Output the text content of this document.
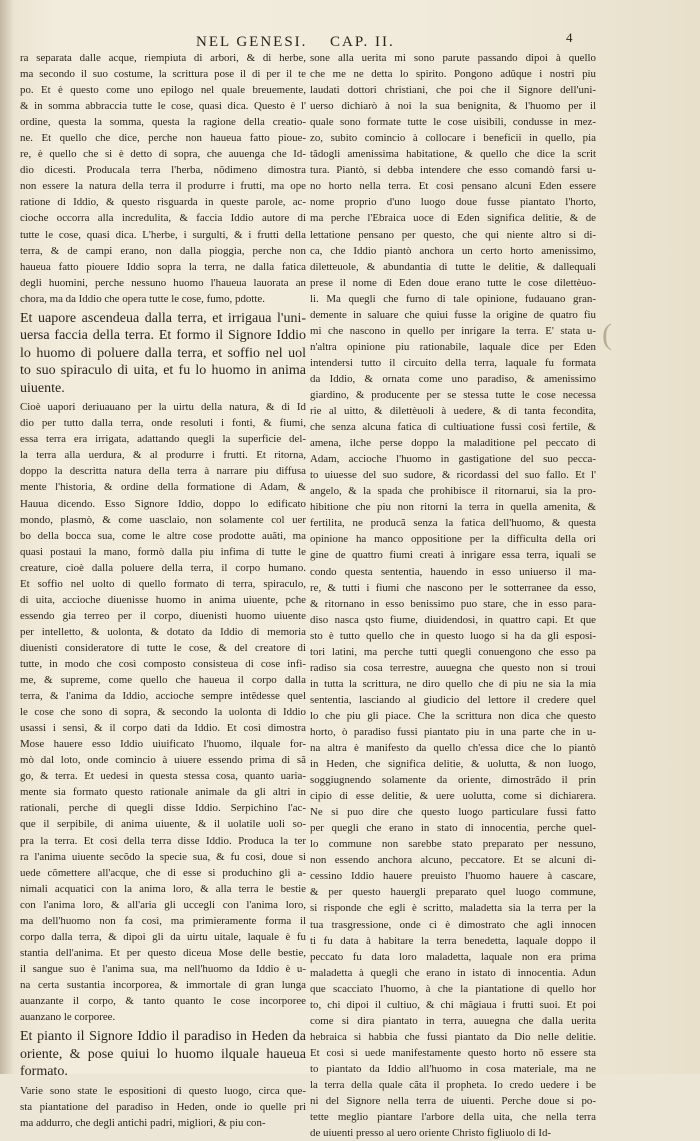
NEL GENESI. CAP. II.	4

ra separata dalle acque, riempiuta di arbori, & di herbe,
ma secondo il suo costume, la scrittura pose il di per il te
po. Et è questo come uno epilogo nel quale breuemente,
& in somma abbraccia tutte le cose, quasi dica. Questo è l'
ordine, questa la somma, questa la ragione della creatio-
ne. Et quello che dice, perche non haueua fatto pioue-
re, è quello che si è detto di sopra, che auuenga che Id-
dio dicesti. Producala terra l'herba, nõdimeno dimostra
non essere la natura della terra il produrre i frutti, ma ope
ratione di Iddio, & questo risguarda in queste parole, ac-
cioche occorra alla incredulita, & faccia Iddio autore di
tutte le cose, quasi dica. L'herbe, i surgulti, & i frutti della
terra, & de campi erano, non dalla pioggia, perche non
haueua fatto piouere Iddio sopra la terra, ne dalla fatica
degli huomini, perche nessuno huomo l'haueua lauorata an
chora, ma da Iddio che opera tutte le cose, fumo, pdotte.

Et uapore ascendeua dalla terra, et irrigaua l'uni-
uersa faccia della terra. Et formo il Signore Iddio
lo huomo di poluere dalla terra, et soffio nel uol
to suo spiraculo di uita, et fu lo huomo in anima
uiuente.

Cioè uapori deriuauano per la uirtu della natura, & di Id
dio per tutto dalla terra, onde resoluti i fonti, & fiumi,
essa terra era irrigata, adattando quegli la superficie del-
la terra alla uerdura, & al produrre i frutti. Et ritorna,
doppo la descritta natura della terra à narrare piu diffusa
mente l'historia, & ordine della formatione di Adam, &
Hauua dicendo. Esso Signore Iddio, doppo lo edificato
mondo, plasmò, & come uasclaio, non solamente col uer
bo della bocca sua, come le altre cose prodotte auãti, ma
quasi postaui la mano, formò dalla piu infima di tutte le
creature, cioè dalla poluere della terra, il corpo humano.
Et soffio nel uolto di quello formato di terra, spiraculo,
di uita, accioche diuenisse huomo in anima uiuente, pche
essendo gia terreo per il corpo, diuenisti huomo uiuente
per intelletto, & uolonta, & dotato da Iddio di memoria
diuenisti consideratore di tutte le cose, & del creatore di
tutte, in modo che così composto consisteua di cose infi-
me, & supreme, come quello che haueua il corpo dalla
terra, & l'anima da Iddio, accioche sempre intẽdesse quel
le cose che sono di sopra, & secondo la uolonta di Iddio
usassi i sensi, & il corpo dati da Iddio. Et così dimostra
Mose hauere esso Iddio uiuificato l'huomo, ilquale for-
mò dal loto, onde comincio à uiuere essendo prima di sã
go, & terra. Et uedesi in questa stessa cosa, quanto uaria-
mente sia formato questo rationale animale da gli altri in
rationali, perche di quegli disse Iddio. Serpichino l'ac-
que il serpibile, di anima uiuente, & il uolatile uoli so-
pra la terra. Et così della terra disse Iddio. Produca la ter
ra l'anima uiuente secõdo la specie sua, & fu così, doue si
uede cõmettere all'acque, che di esse si produchino gli a-
nimali acquatici con la anima loro, & alla terra le bestie
con l'anima loro, & all'aria gli uccegli con l'anima loro,
ma dell'huomo non fa così, ma primieramente forma il
corpo dalla terra, & dipoi gli da uirtu uitale, laquale è fu
stantia dell'anima. Et per questo diceua Mose delle bestie,
il sangue suo è l'anima sua, ma nell'huomo da Iddio è u-
na certa sustantia incorporea, & immortale di gran lunga
auanzante il corpo, & tanto quanto le cose incorporee
auanzano le corporee.

Et pianto il Signore Iddio il paradiso in Heden da
oriente, & pose quiui lo huomo ilquale haueua
formato.

Varie sono state le espositioni di questo luogo, circa que-
sta piantatione del paradiso in Heden, onde io quelle pri
ma addurro, che degli antichi padri, migliori, & piu con-

sone alla uerita mi sono parute passando dipoi à quello
che me ne detta lo spirito. Pongono adũque i nostri piu
laudati dottori christiani, che poi che il Signore dell'uni-
uerso dichiarò à noi la sua benignita, & l'huomo per il
quale sono formate tutte le cose uisibili, condusse in mez-
zo, subito comincio à collocare i beneficii in quello, pia
tãdogli amenissima habitatione, & quello che dice la scrit
tura. Piantò, si debba intendere che esso comandò farsi u-
no horto nella terra. Et così pensano alcuni Eden essere
nome proprio d'uno luogo doue fusse piantato l'horto,
ma perche l'Ebraica uoce di Eden significa delitie, & de
lettatione pensano per questo, che qui niente altro si di-
ca, che Iddio piantò anchora un certo horto amenissimo,
diletteuole, & abundantia di tutte le delitie, & dallequali
prese il nome di Eden doue erano tutte le cose dilettèuo-
li. Ma quegli che furno di tale opinione, fudauano gran-
demente in saluare che quiui fusse la origine de quatro fiu
mi che nascono in quello per inrigare la terra. E' stata u-
n'altra opinione piu rationabile, laquale dice per Eden
intendersi tutto il circuito della terra, laquale fu formata
da Iddio, & ornata come uno paradiso, & amenissimo
giardino, & producente per se stessa tutte le cose necessa
rie al uitto, & dilettèuoli à uedere, & di tanta fecondita,
che senza alcuna fatica di cultiuatione fussi così fertile, &
amena, ilche perse doppo la maladitione pel peccato di
Adam, accioche l'huomo in gastigatione del suo pecca-
to uiuesse del suo sudore, & ricordassi del suo fallo. Et l'
angelo, & la spada che prohibisce il ritornarui, sia la pro-
hibitione che piu non ritorni la terra in quella amenita, &
fertilita, ne producã senza la fatica dell'huomo, & questa
opinione ha manco oppositione per la difficulta della ori
gine de quattro fiumi creati à inrigare essa terra, iquali se
condo questa sententia, hauendo in esso uniuerso il ma-
re, & tutti i fiumi che nascono per le sotterranee da esso,
& ritornano in esso benissimo puo stare, che in esso para-
diso nasca qsto fiume, diuidendosi, in quattro capi. Et que
sto è tutto quello che in questo luogo si ha da gli esposi-
tori latini, ma perche tutti quegli conuengono che esso pa
radiso sia cosa terrestre, auuegna che questo non si troui
in tutta la scrittura, ne diro quello che di piu ne sia la mia
sententia, lasciando al giudicio del lettore il credere quel
lo che piu gli piace. Che la scrittura non dica che questo
horto, ò paradiso fussi piantato piu in una parte che in u-
na altra è manifesto da quello ch'essa dice che lo piantò
in Heden, che significa delitie, & uolutta, & non luogo,
soggiugnendo solamente da oriente, dimostrãdo il prin
cipio di esse delitie, & uere uolutta, come si dichiarera.
Ne si puo dire che questo luogo particulare fussi fatto
per quegli che erano in stato di innocentia, perche quel-
lo commune non sarebbe stato preparato per nessuno,
non essendo anchora alcuno, peccatore. Et se alcuni di-
cessino Iddio hauere preuisto l'huomo hauere à cascare,
& per questo hauergli preparato quel luogo commune,
si risponde che egli è scritto, maladetta sia la terra per la
tua trasgressione, onde ci è dimostrato che agli innocen
ti fu data à habitare la terra benedetta, laquale doppo il
peccato fu data loro maladetta, laquale non era prima
maladetta à quegli che erano in istato di innocentia. Adun
que scacciato l'huomo, à che la piantatione di quello hor
to, chi dipoi il cultiuo, & chi mãgiaua i frutti suoi. Et poi
come si dira piantato in terra, auuegna che dalla uerita
hebraica si habbia che fussi piantato da Dio nelle delitie.
Et così si uede manifestamente questo horto nõ essere sta
to piantato da Iddio all'huomo in cosa materiale, ma ne
la terra della quale cãta il propheta. Io credo uedere i be
ni del Signore nella terra de uiuenti. Perche doue si po-
tette meglio piantare l'arbore della uita, che nella terra
de uiuenti presso al uero oriente Christo figliuolo di Id-

(
